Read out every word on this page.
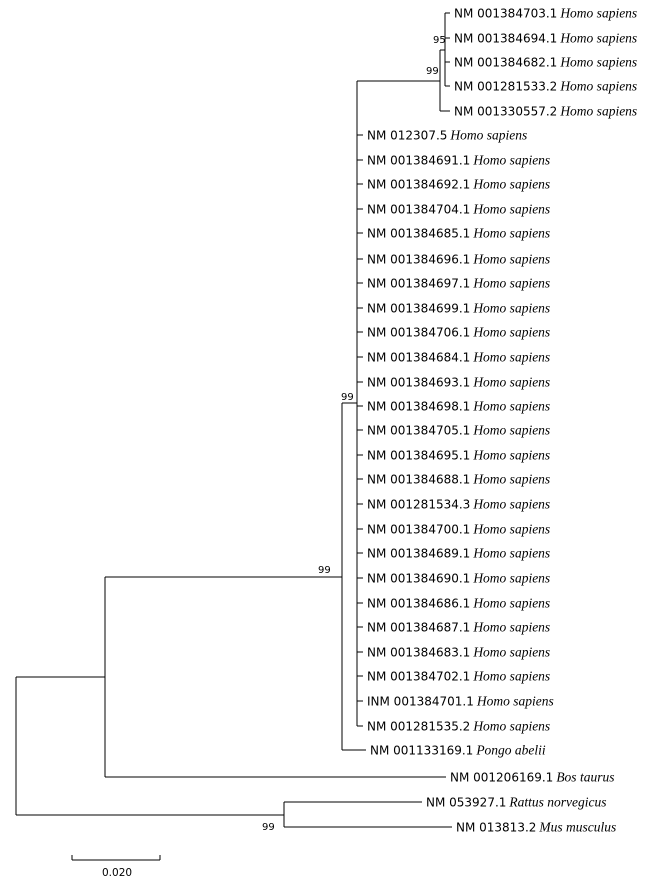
NM 001384703.1 Homo sapiens
NM 001384694.1 Homo sapiens
NM 001384682.1 Homo sapiens
NM 001281533.2 Homo sapiens
NM 001330557.2 Homo sapiens
NM 012307.5 Homo sapiens
NM 001384691.1 Homo sapiens
NM 001384692.1 Homo sapiens
NM 001384704.1 Homo sapiens
NM 001384685.1 Homo sapiens
NM 001384696.1 Homo sapiens
NM 001384697.1 Homo sapiens
NM 001384699.1 Homo sapiens
NM 001384706.1 Homo sapiens
NM 001384684.1 Homo sapiens
NM 001384693.1 Homo sapiens
NM 001384698.1 Homo sapiens
NM 001384705.1 Homo sapiens
NM 001384695.1 Homo sapiens
NM 001384688.1 Homo sapiens
NM 001281534.3 Homo sapiens
NM 001384700.1 Homo sapiens
NM 001384689.1 Homo sapiens
NM 001384690.1 Homo sapiens
NM 001384686.1 Homo sapiens
NM 001384687.1 Homo sapiens
NM 001384683.1 Homo sapiens
NM 001384702.1 Homo sapiens
INM 001384701.1 Homo sapiens
NM 001281535.2 Homo sapiens
NM 001133169.1 Pongo abelii
NM 001206169.1 Bos taurus
NM 053927.1 Rattus norvegicus
NM 013813.2 Mus musculus
95
99
99
99
99
0.020
